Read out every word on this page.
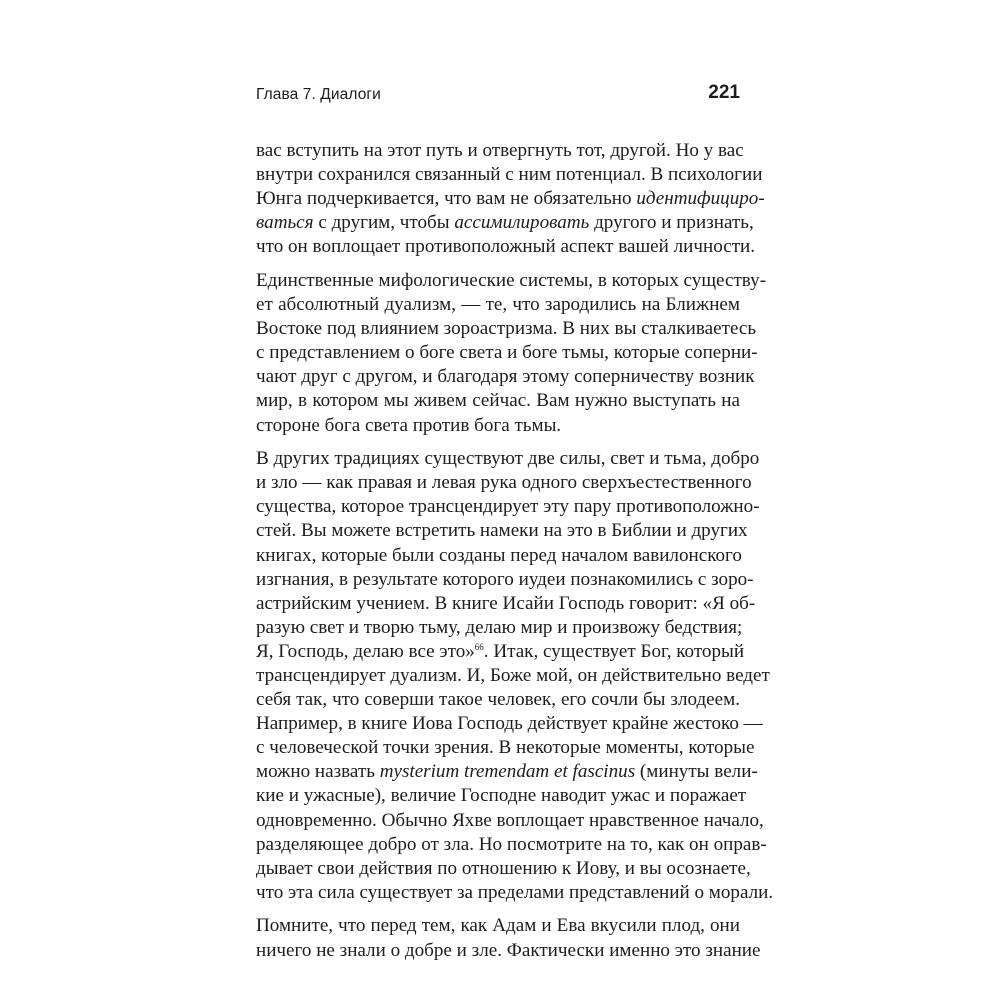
Глава 7. Диалоги	221
вас вступить на этот путь и отвергнуть тот, другой. Но у вас
внутри сохранился связанный с ним потенциал. В психологии
Юнга подчеркивается, что вам не обязательно идентифициро-
ваться с другим, чтобы ассимилировать другого и признать,
что он воплощает противоположный аспект вашей личности.
Единственные мифологические системы, в которых существу-
ет абсолютный дуализм, — те, что зародились на Ближнем
Востоке под влиянием зороастризма. В них вы сталкиваетесь
с представлением о боге света и боге тьмы, которые соперни-
чают друг с другом, и благодаря этому соперничеству возник
мир, в котором мы живем сейчас. Вам нужно выступать на
стороне бога света против бога тьмы.
В других традициях существуют две силы, свет и тьма, добро
и зло — как правая и левая рука одного сверхъестественного
существа, которое трансцендирует эту пару противоположно-
стей. Вы можете встретить намеки на это в Библии и других
книгах, которые были созданы перед началом вавилонского
изгнания, в результате которого иудеи познакомились с зоро-
астрийским учением. В книге Исайи Господь говорит: «Я об-
разую свет и творю тьму, делаю мир и произвожу бедствия;
Я, Господь, делаю все это»$^{66}$. Итак, существует Бог, который
трансцендирует дуализм. И, Боже мой, он действительно ведет
себя так, что соверши такое человек, его сочли бы злодеем.
Например, в книге Иова Господь действует крайне жестоко —
с человеческой точки зрения. В некоторые моменты, которые
можно назвать mysterium tremendam et fascinus (минуты вели-
кие и ужасные), величие Господне наводит ужас и поражает
одновременно. Обычно Яхве воплощает нравственное начало,
разделяющее добро от зла. Но посмотрите на то, как он оправ-
дывает свои действия по отношению к Иову, и вы осознаете,
что эта сила существует за пределами представлений о морали.
Помните, что перед тем, как Адам и Ева вкусили плод, они
ничего не знали о добре и зле. Фактически именно это знание
